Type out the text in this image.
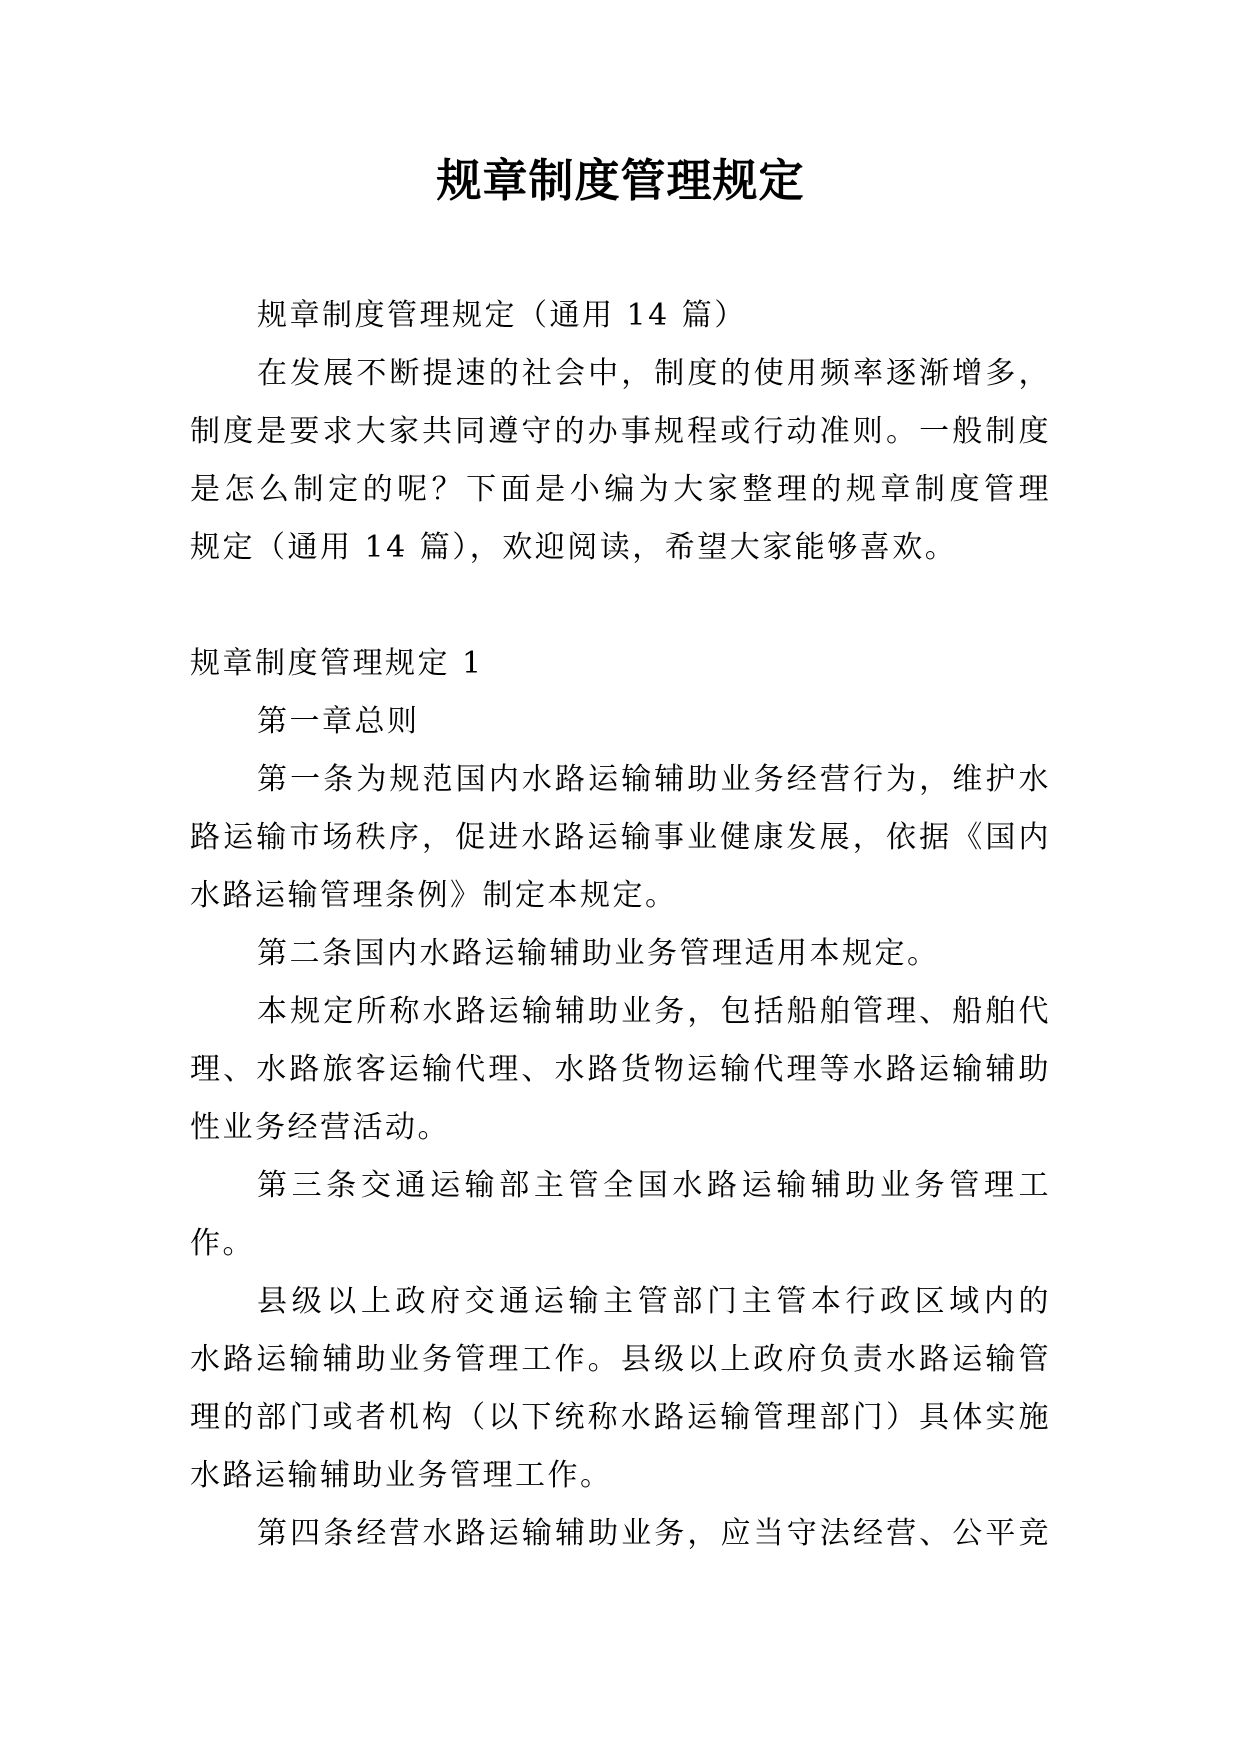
规章制度管理规定
规章制度管理规定（通用 14 篇）
在发展不断提速的社会中，制度的使用频率逐渐增多，
制度是要求大家共同遵守的办事规程或行动准则。一般制度
是怎么制定的呢？下面是小编为大家整理的规章制度管理
规定（通用 14 篇），欢迎阅读，希望大家能够喜欢。
规章制度管理规定 1
第一章总则
第一条为规范国内水路运输辅助业务经营行为，维护水
路运输市场秩序，促进水路运输事业健康发展，依据《国内
水路运输管理条例》制定本规定。
第二条国内水路运输辅助业务管理适用本规定。
本规定所称水路运输辅助业务，包括船舶管理、船舶代
理、水路旅客运输代理、水路货物运输代理等水路运输辅助
性业务经营活动。
第三条交通运输部主管全国水路运输辅助业务管理工
作。
县级以上政府交通运输主管部门主管本行政区域内的
水路运输辅助业务管理工作。县级以上政府负责水路运输管
理的部门或者机构（以下统称水路运输管理部门）具体实施
水路运输辅助业务管理工作。
第四条经营水路运输辅助业务，应当守法经营、公平竞
